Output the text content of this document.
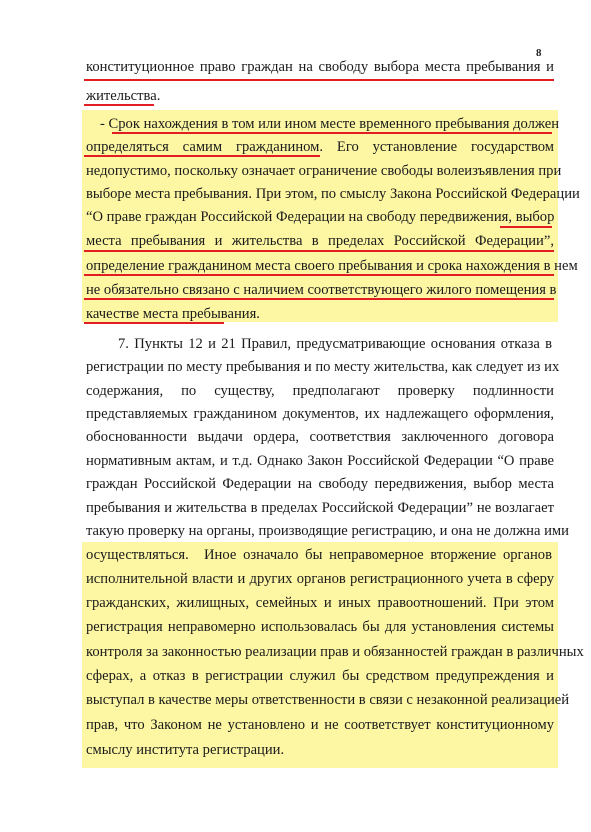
8
конституционное право граждан на свободу выбора места пребывания и
жительства.
- Срок нахождения в том или ином месте временного пребывания должен
определяться самим гражданином. Его установление государством
недопустимо, поскольку означает ограничение свободы волеизъявления при
выборе места пребывания. При этом, по смыслу Закона Российской Федерации
“О праве граждан Российской Федерации на свободу передвижения, выбор
места пребывания и жительства в пределах Российской Федерации”,
определение гражданином места своего пребывания и срока нахождения в нем
не обязательно связано с наличием соответствующего жилого помещения в
качестве места пребывания.
7. Пункты 12 и 21 Правил, предусматривающие основания отказа в
регистрации по месту пребывания и по месту жительства, как следует из их
содержания, по существу, предполагают проверку подлинности
представляемых гражданином документов, их надлежащего оформления,
обоснованности выдачи ордера, соответствия заключенного договора
нормативным актам, и т.д. Однако Закон Российской Федерации “О праве
граждан Российской Федерации на свободу передвижения, выбор места
пребывания и жительства в пределах Российской Федерации” не возлагает
такую проверку на органы, производящие регистрацию, и она не должна ими
осуществляться.	Иное означало бы неправомерное вторжение органов
исполнительной власти и других органов регистрационного учета в сферу
гражданских, жилищных, семейных и иных правоотношений. При этом
регистрация неправомерно использовалась бы для установления системы
контроля за законностью реализации прав и обязанностей граждан в различных
сферах, а отказ в регистрации служил бы средством предупреждения и
выступал в качестве меры ответственности в связи с незаконной реализацией
прав, что Законом не установлено и не соответствует конституционному
смыслу института регистрации.
